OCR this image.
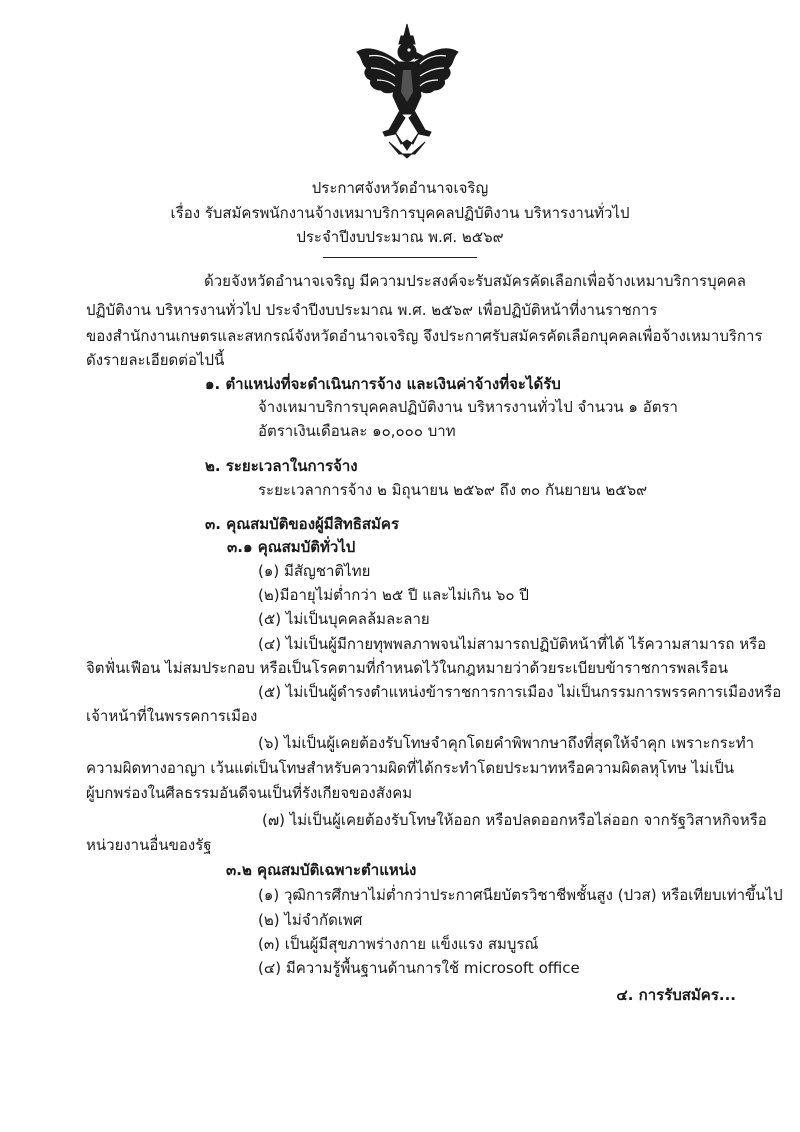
ประกาศจังหวัดอำนาจเจริญ
เรื่อง รับสมัครพนักงานจ้างเหมาบริการบุคคลปฏิบัติงาน บริหารงานทั่วไป
ประจำปีงบประมาณ พ.ศ. ๒๕๖๙
ด้วยจังหวัดอำนาจเจริญ มีความประสงค์จะรับสมัครคัดเลือกเพื่อจ้างเหมาบริการบุคคล
ปฏิบัติงาน บริหารงานทั่วไป ประจำปีงบประมาณ พ.ศ. ๒๕๖๙ เพื่อปฏิบัติหน้าที่งานราชการ
ของสำนักงานเกษตรและสหกรณ์จังหวัดอำนาจเจริญ จึงประกาศรับสมัครคัดเลือกบุคคลเพื่อจ้างเหมาบริการ
ดังรายละเอียดต่อไปนี้
๑. ตำแหน่งที่จะดำเนินการจ้าง และเงินค่าจ้างที่จะได้รับ
จ้างเหมาบริการบุคคลปฏิบัติงาน บริหารงานทั่วไป จำนวน ๑ อัตรา
อัตราเงินเดือนละ ๑๐,๐๐๐ บาท
๒. ระยะเวลาในการจ้าง
ระยะเวลาการจ้าง ๒ มิถุนายน ๒๕๖๙ ถึง ๓๐ กันยายน ๒๕๖๙
๓. คุณสมบัติของผู้มีสิทธิสมัคร
๓.๑ คุณสมบัติทั่วไป
(๑) มีสัญชาติไทย
(๒)มีอายุไม่ต่ำกว่า ๒๕ ปี และไม่เกิน ๖๐ ปี
(๕) ไม่เป็นบุคคลล้มละลาย
(๔) ไม่เป็นผู้มีกายทุพพลภาพจนไม่สามารถปฏิบัติหน้าที่ได้ ไร้ความสามารถ หรือ
จิตฟั่นเฟือน ไม่สมประกอบ หรือเป็นโรคตามที่กำหนดไว้ในกฎหมายว่าด้วยระเบียบข้าราชการพลเรือน
(๕) ไม่เป็นผู้ดำรงตำแหน่งข้าราชการการเมือง ไม่เป็นกรรมการพรรคการเมืองหรือ
เจ้าหน้าที่ในพรรคการเมือง
(๖) ไม่เป็นผู้เคยต้องรับโทษจำคุกโดยคำพิพากษาถึงที่สุดให้จำคุก เพราะกระทำ
ความผิดทางอาญา เว้นแต่เป็นโทษสำหรับความผิดที่ได้กระทำโดยประมาทหรือความผิดลหุโทษ ไม่เป็น
ผู้บกพร่องในศีลธรรมอันดีจนเป็นที่รังเกียจของสังคม
(๗) ไม่เป็นผู้เคยต้องรับโทษให้ออก หรือปลดออกหรือไล่ออก จากรัฐวิสาหกิจหรือ
หน่วยงานอื่นของรัฐ
๓.๒ คุณสมบัติเฉพาะตำแหน่ง
(๑) วุฒิการศึกษาไม่ต่ำกว่าประกาศนียบัตรวิชาชีพชั้นสูง (ปวส) หรือเทียบเท่าขึ้นไป
(๒) ไม่จำกัดเพศ
(๓) เป็นผู้มีสุขภาพร่างกาย แข็งแรง สมบูรณ์
(๔) มีความรู้พื้นฐานด้านการใช้ microsoft office
๔. การรับสมัคร...
